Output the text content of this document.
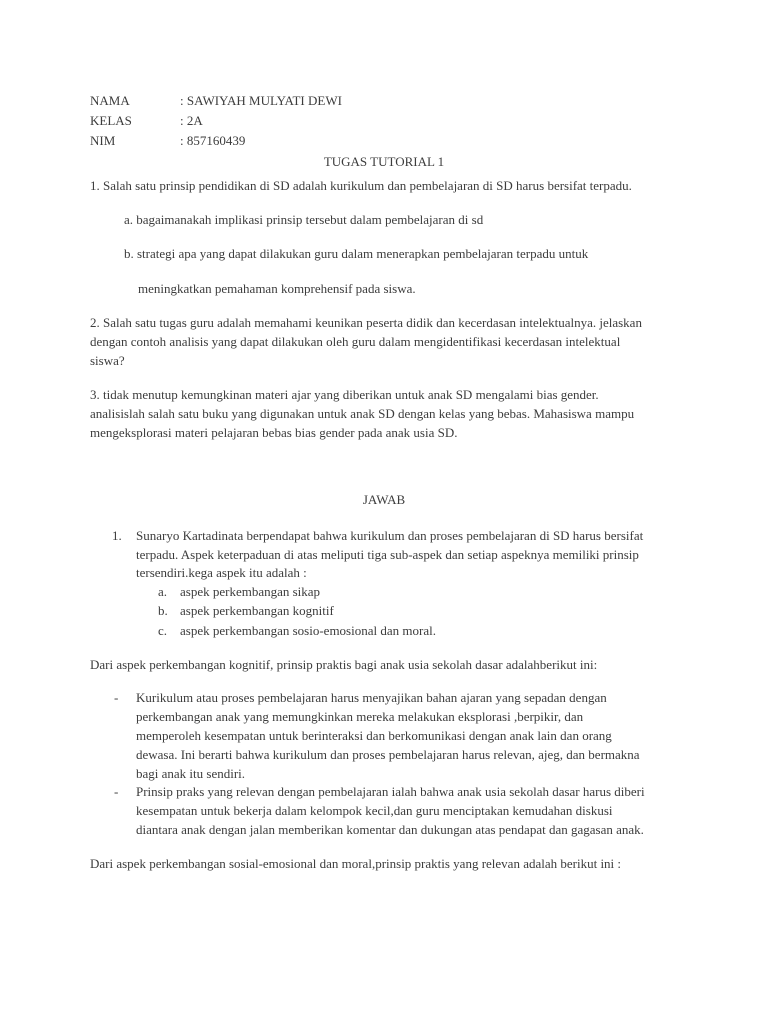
NAMA	: SAWIYAH MULYATI DEWI
KELAS	: 2A
NIM	: 857160439
TUGAS TUTORIAL 1
1. Salah satu prinsip pendidikan di SD adalah kurikulum dan pembelajaran di SD harus bersifat terpadu.
a. bagaimanakah implikasi prinsip tersebut dalam pembelajaran di sd
b. strategi apa yang dapat dilakukan guru dalam menerapkan pembelajaran terpadu untuk
meningkatkan pemahaman komprehensif pada siswa.
2. Salah satu tugas guru adalah memahami keunikan peserta didik dan kecerdasan intelektualnya. jelaskan
dengan contoh analisis yang dapat dilakukan oleh guru dalam mengidentifikasi kecerdasan intelektual
siswa?
3. tidak menutup kemungkinan materi ajar yang diberikan untuk anak SD mengalami bias gender.
analisislah salah satu buku yang digunakan untuk anak SD dengan kelas yang bebas. Mahasiswa mampu
mengeksplorasi materi pelajaran bebas bias gender pada anak usia SD.
JAWAB
1. Sunaryo Kartadinata berpendapat bahwa kurikulum dan proses pembelajaran di SD harus bersifat
terpadu. Aspek keterpaduan di atas meliputi tiga sub-aspek dan setiap aspeknya memiliki prinsip
tersendiri.kega aspek itu adalah :
a. aspek perkembangan sikap
b. aspek perkembangan kognitif
c. aspek perkembangan sosio-emosional dan moral.
Dari aspek perkembangan kognitif, prinsip praktis bagi anak usia sekolah dasar adalahberikut ini:
- Kurikulum atau proses pembelajaran harus menyajikan bahan ajaran yang sepadan dengan
perkembangan anak yang memungkinkan mereka melakukan eksplorasi ,berpikir, dan
memperoleh kesempatan untuk berinteraksi dan berkomunikasi dengan anak lain dan orang
dewasa. Ini berarti bahwa kurikulum dan proses pembelajaran harus relevan, ajeg, dan bermakna
bagi anak itu sendiri.
- Prinsip praks yang relevan dengan pembelajaran ialah bahwa anak usia sekolah dasar harus diberi
kesempatan untuk bekerja dalam kelompok kecil,dan guru menciptakan kemudahan diskusi
diantara anak dengan jalan memberikan komentar dan dukungan atas pendapat dan gagasan anak.
Dari aspek perkembangan sosial-emosional dan moral,prinsip praktis yang relevan adalah berikut ini :
